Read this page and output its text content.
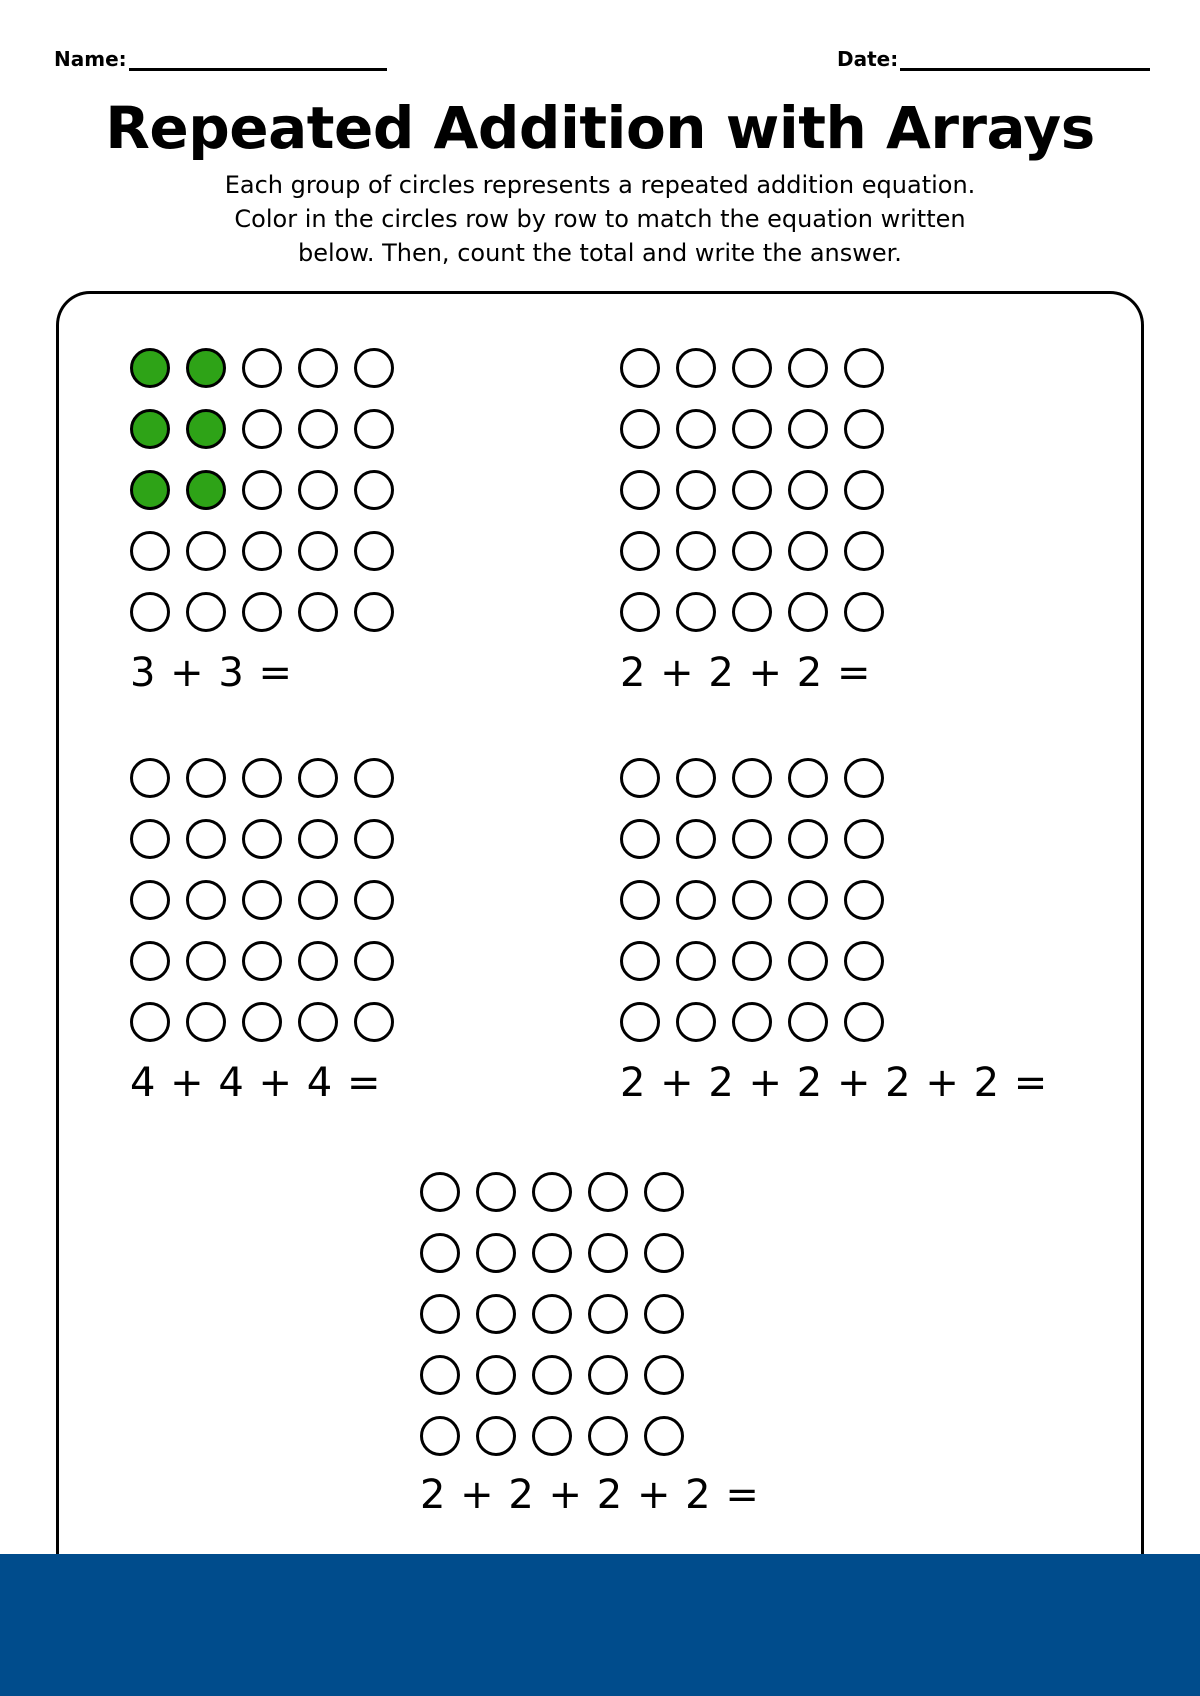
Name:	Date:
Repeated Addition with Arrays
Each group of circles represents a repeated addition equation.
Color in the circles row by row to match the equation written
below. Then, count the total and write the answer.
3 + 3 =	2 + 2 + 2 =
4 + 4 + 4 =	2 + 2 + 2 + 2 + 2 =
2 + 2 + 2 + 2 =
